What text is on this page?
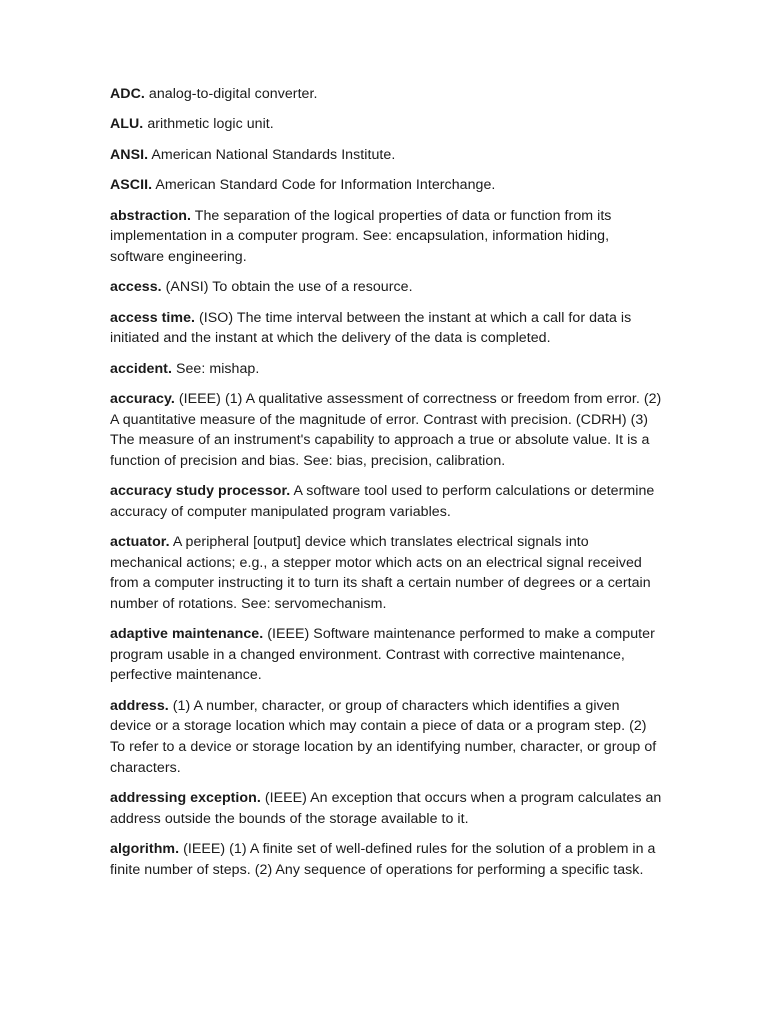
ADC. analog-to-digital converter.

ALU. arithmetic logic unit.

ANSI. American National Standards Institute.

ASCII. American Standard Code for Information Interchange.

abstraction. The separation of the logical properties of data or function from its implementation in a computer program. See: encapsulation, information hiding, software engineering.

access. (ANSI) To obtain the use of a resource.

access time. (ISO) The time interval between the instant at which a call for data is initiated and the instant at which the delivery of the data is completed.

accident. See: mishap.

accuracy. (IEEE) (1) A qualitative assessment of correctness or freedom from error. (2) A quantitative measure of the magnitude of error. Contrast with precision. (CDRH) (3) The measure of an instrument's capability to approach a true or absolute value. It is a function of precision and bias. See: bias, precision, calibration.

accuracy study processor. A software tool used to perform calculations or determine accuracy of computer manipulated program variables.

actuator. A peripheral [output] device which translates electrical signals into mechanical actions; e.g., a stepper motor which acts on an electrical signal received from a computer instructing it to turn its shaft a certain number of degrees or a certain number of rotations. See: servomechanism.

adaptive maintenance. (IEEE) Software maintenance performed to make a computer program usable in a changed environment. Contrast with corrective maintenance, perfective maintenance.

address. (1) A number, character, or group of characters which identifies a given device or a storage location which may contain a piece of data or a program step. (2) To refer to a device or storage location by an identifying number, character, or group of characters.

addressing exception. (IEEE) An exception that occurs when a program calculates an address outside the bounds of the storage available to it.

algorithm. (IEEE) (1) A finite set of well-defined rules for the solution of a problem in a finite number of steps. (2) Any sequence of operations for performing a specific task.
